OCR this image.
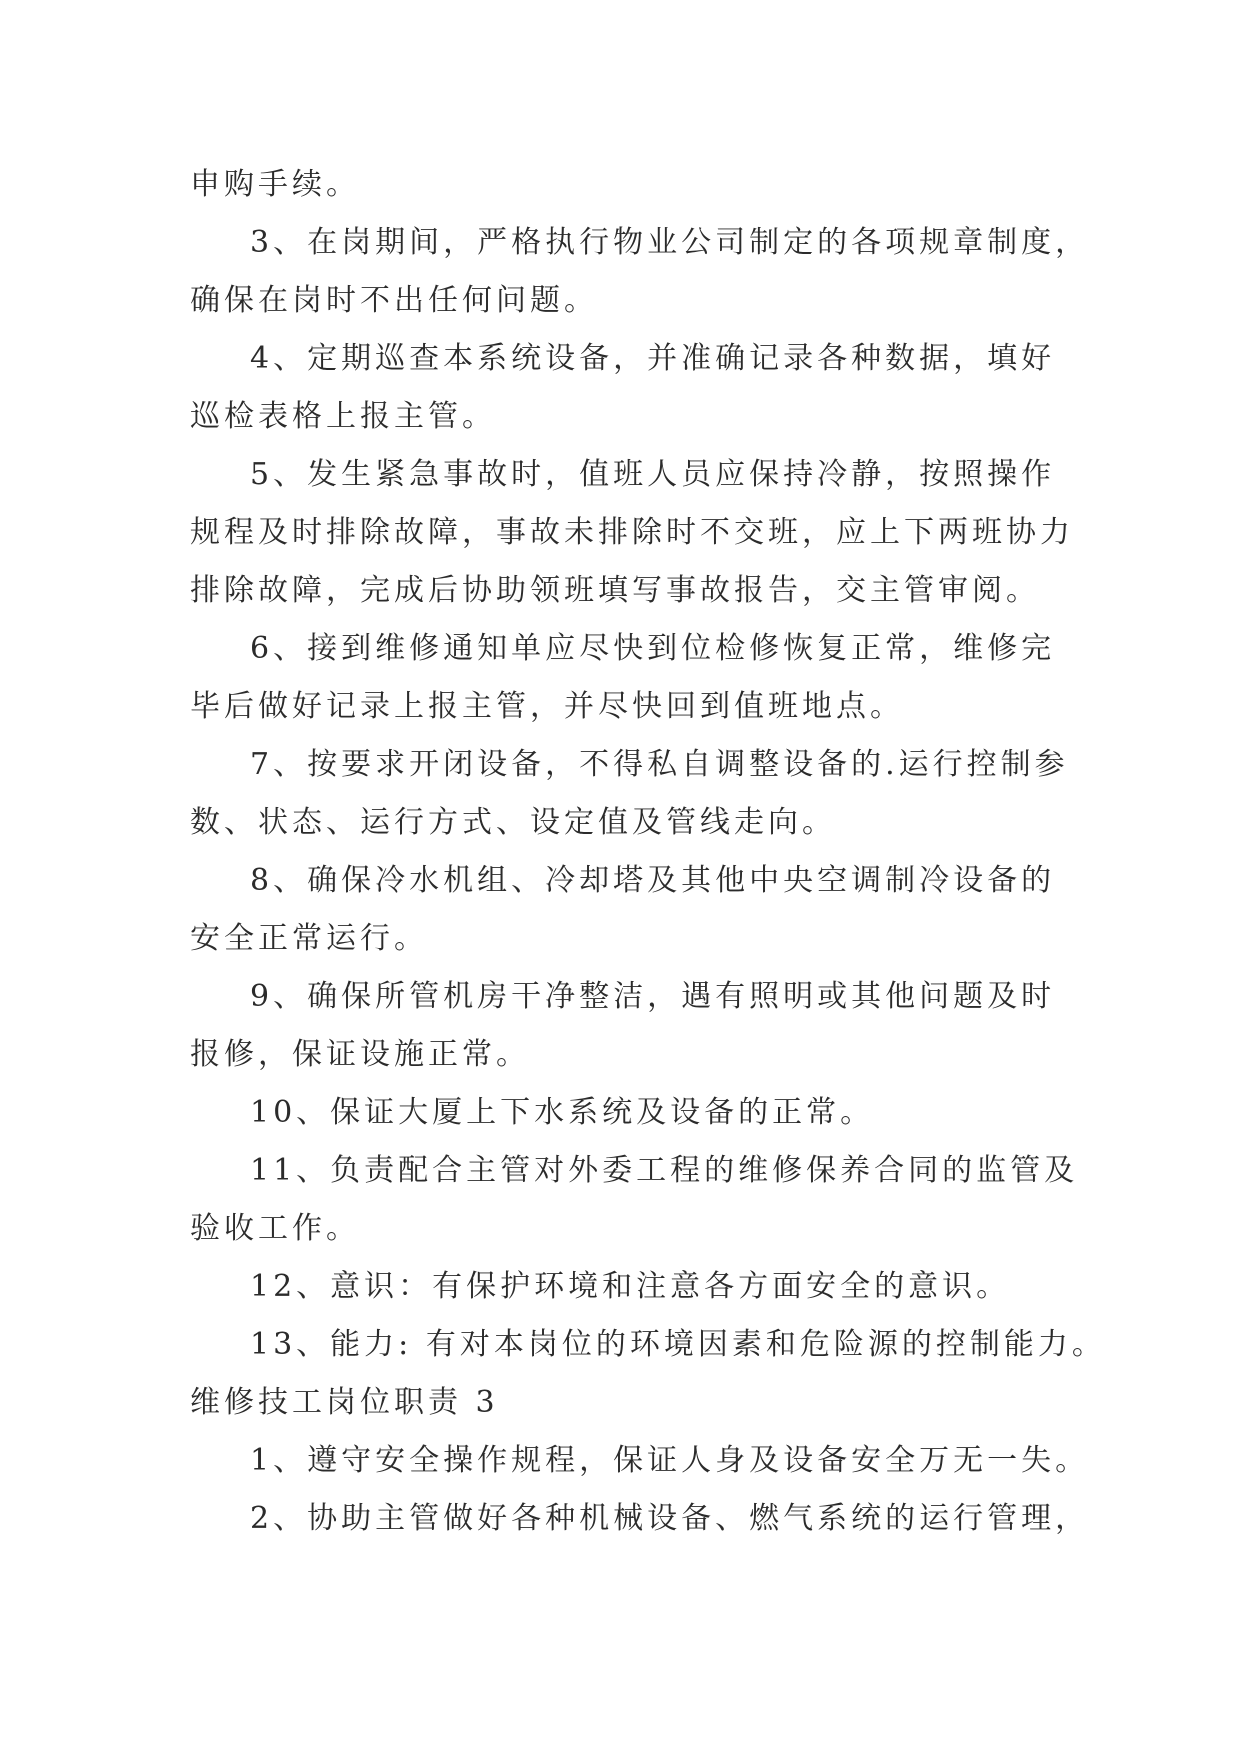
申购手续。
3、在岗期间，严格执行物业公司制定的各项规章制度，
确保在岗时不出任何问题。
4、定期巡查本系统设备，并准确记录各种数据，填好
巡检表格上报主管。
5、发生紧急事故时，值班人员应保持冷静，按照操作
规程及时排除故障，事故未排除时不交班，应上下两班协力
排除故障，完成后协助领班填写事故报告，交主管审阅。
6、接到维修通知单应尽快到位检修恢复正常，维修完
毕后做好记录上报主管，并尽快回到值班地点。
7、按要求开闭设备，不得私自调整设备的.运行控制参
数、状态、运行方式、设定值及管线走向。
8、确保冷水机组、冷却塔及其他中央空调制冷设备的
安全正常运行。
9、确保所管机房干净整洁，遇有照明或其他问题及时
报修，保证设施正常。
10、保证大厦上下水系统及设备的正常。
11、负责配合主管对外委工程的维修保养合同的监管及
验收工作。
12、意识：有保护环境和注意各方面安全的意识。
13、能力: 有对本岗位的环境因素和危险源的控制能力。
维修技工岗位职责 3
1、遵守安全操作规程，保证人身及设备安全万无一失。
2、协助主管做好各种机械设备、燃气系统的运行管理，
